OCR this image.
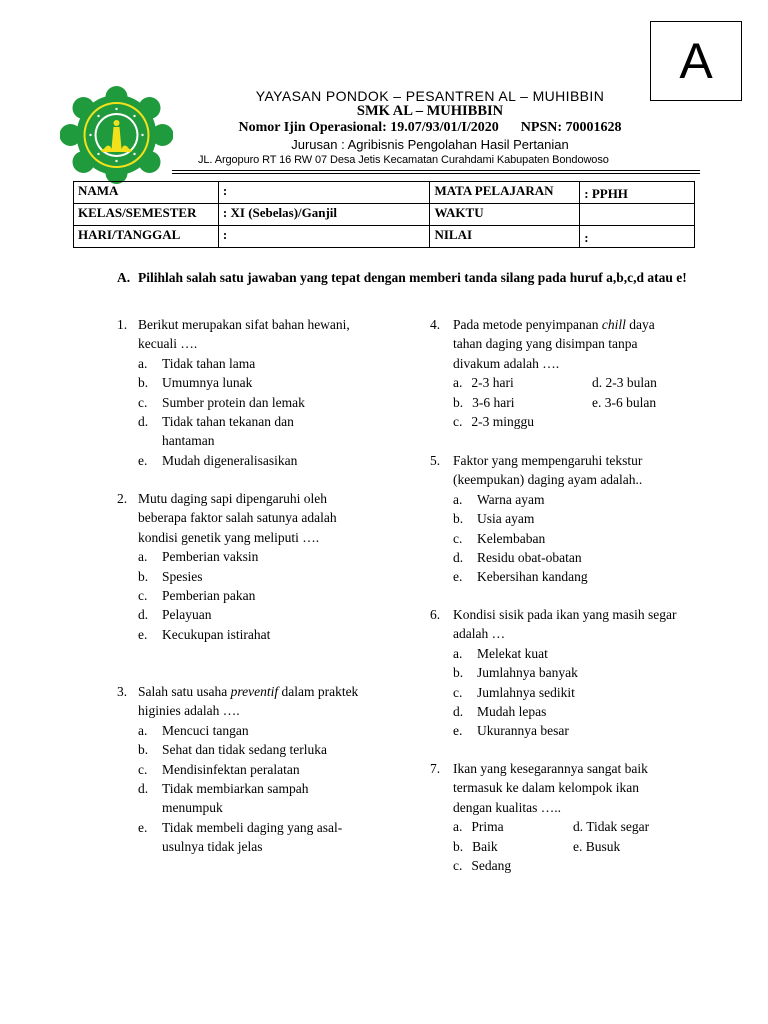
A
YAYASAN PONDOK – PESANTREN AL – MUHIBBIN
SMK AL – MUHIBBIN
Nomor Ijin Operasional: 19.07/93/01/I/2020 NPSN: 70001628
Jurusan : Agribisnis Pengolahan Hasil Pertanian
JL. Argopuro RT 16 RW 07 Desa Jetis Kecamatan Curahdami Kabupaten Bondowoso
NAMA	:	MATA PELAJARAN	: PPHH
KELAS/SEMESTER	: XI (Sebelas)/Ganjil	WAKTU	
HARI/TANGGAL	:	NILAI	:
A. Pilihlah salah satu jawaban yang tepat dengan memberi tanda silang pada huruf a,b,c,d atau e!
1. Berikut merupakan sifat bahan hewani, kecuali ….
a. Tidak tahan lama
b. Umumnya lunak
c. Sumber protein dan lemak
d. Tidak tahan tekanan dan hantaman
e. Mudah digeneralisasikan
2. Mutu daging sapi dipengaruhi oleh beberapa faktor salah satunya adalah kondisi genetik yang meliputi ….
a. Pemberian vaksin
b. Spesies
c. Pemberian pakan
d. Pelayuan
e. Kecukupan istirahat
3. Salah satu usaha preventif dalam praktek higinies adalah ….
a. Mencuci tangan
b. Sehat dan tidak sedang terluka
c. Mendisinfektan peralatan
d. Tidak membiarkan sampah menumpuk
e. Tidak membeli daging yang asal-usulnya tidak jelas
4. Pada metode penyimpanan chill daya tahan daging yang disimpan tanpa divakum adalah ….
a. 2-3 hari	d. 2-3 bulan
b. 3-6 hari	e. 3-6 bulan
c. 2-3 minggu
5. Faktor yang mempengaruhi tekstur (keempukan) daging ayam adalah..
a. Warna ayam
b. Usia ayam
c. Kelembaban
d. Residu obat-obatan
e. Kebersihan kandang
6. Kondisi sisik pada ikan yang masih segar adalah …
a. Melekat kuat
b. Jumlahnya banyak
c. Jumlahnya sedikit
d. Mudah lepas
e. Ukurannya besar
7. Ikan yang kesegarannya sangat baik termasuk ke dalam kelompok ikan dengan kualitas …..
a. Prima	d. Tidak segar
b. Baik	e. Busuk
c. Sedang
